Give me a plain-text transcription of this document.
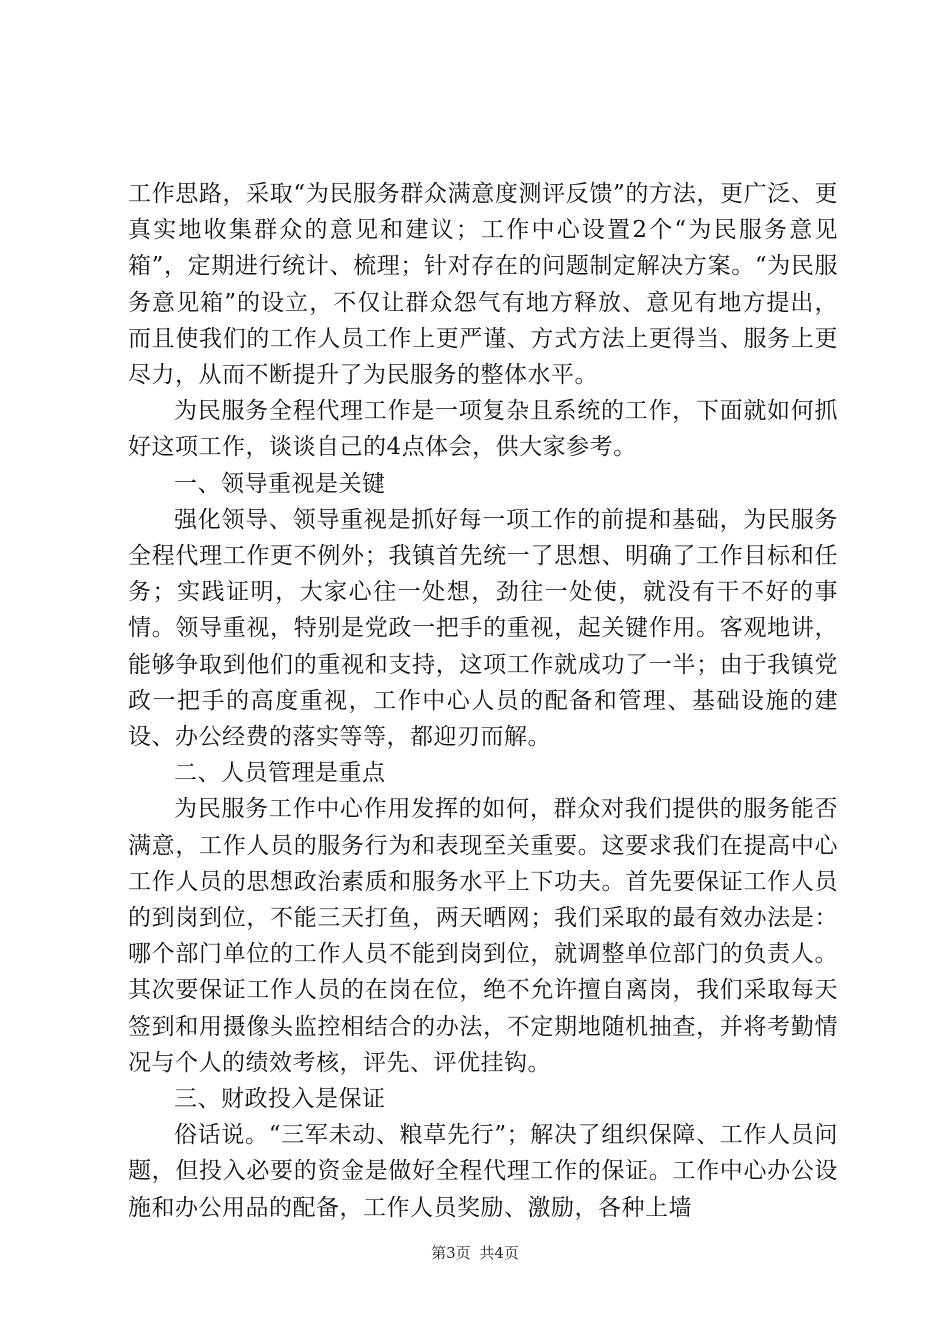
工作思路，采取“为民服务群众满意度测评反馈”的方法，更广泛、更真实地收集群众的意见和建议；工作中心设置2个“为民服务意见箱”，定期进行统计、梳理；针对存在的问题制定解决方案。“为民服务意见箱”的设立，不仅让群众怨气有地方释放、意见有地方提出，而且使我们的工作人员工作上更严谨、方式方法上更得当、服务上更尽力，从而不断提升了为民服务的整体水平。

为民服务全程代理工作是一项复杂且系统的工作，下面就如何抓好这项工作，谈谈自己的4点体会，供大家参考。

一、领导重视是关键

强化领导、领导重视是抓好每一项工作的前提和基础，为民服务全程代理工作更不例外；我镇首先统一了思想、明确了工作目标和任务；实践证明，大家心往一处想，劲往一处使，就没有干不好的事情。领导重视，特别是党政一把手的重视，起关键作用。客观地讲，能够争取到他们的重视和支持，这项工作就成功了一半；由于我镇党政一把手的高度重视，工作中心人员的配备和管理、基础设施的建设、办公经费的落实等等，都迎刃而解。

二、人员管理是重点

为民服务工作中心作用发挥的如何，群众对我们提供的服务能否满意，工作人员的服务行为和表现至关重要。这要求我们在提高中心工作人员的思想政治素质和服务水平上下功夫。首先要保证工作人员的到岗到位，不能三天打鱼，两天晒网；我们采取的最有效办法是：哪个部门单位的工作人员不能到岗到位，就调整单位部门的负责人。其次要保证工作人员的在岗在位，绝不允许擅自离岗，我们采取每天签到和用摄像头监控相结合的办法，不定期地随机抽查，并将考勤情况与个人的绩效考核，评先、评优挂钩。

三、财政投入是保证

俗话说。“三军未动、粮草先行”；解决了组织保障、工作人员问题，但投入必要的资金是做好全程代理工作的保证。工作中心办公设施和办公用品的配备，工作人员奖励、激励，各种上墙

第3页 共4页
